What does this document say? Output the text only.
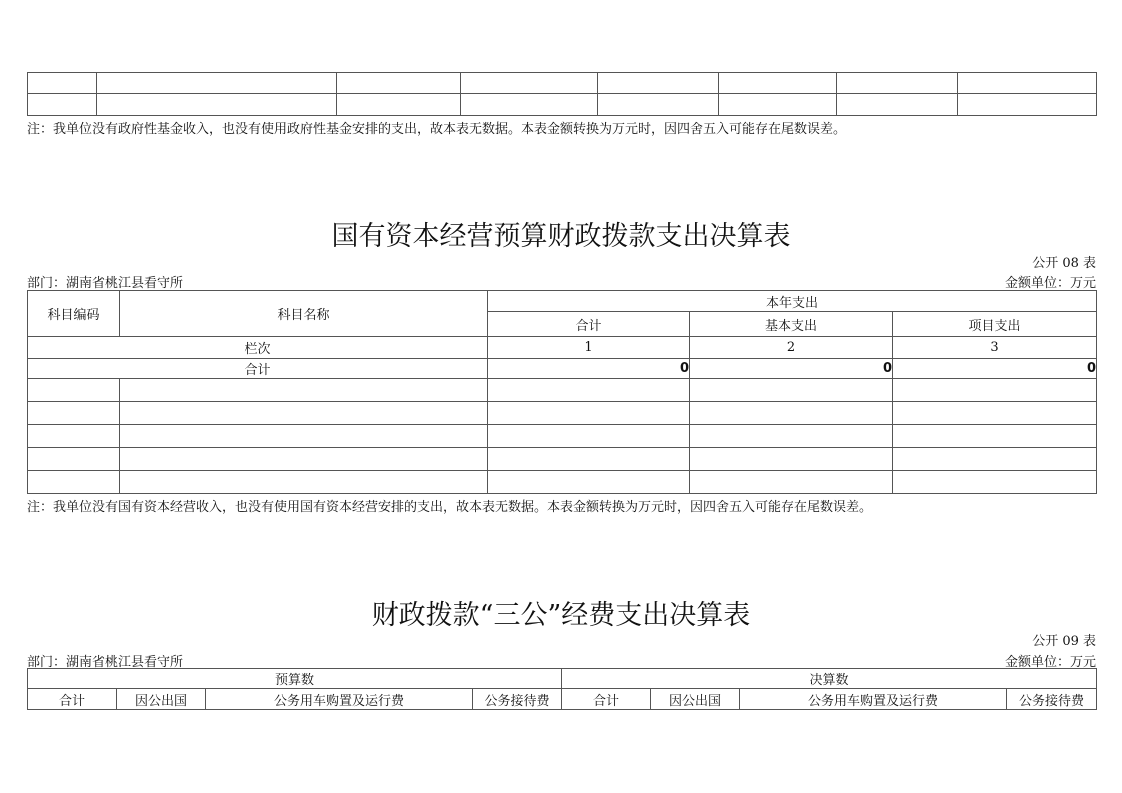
注：我单位没有政府性基金收入，也没有使用政府性基金安排的支出，故本表无数据。本表金额转换为万元时，因四舍五入可能存在尾数误差。
国有资本经营预算财政拨款支出决算表
公开 08 表
部门：湖南省桃江县看守所	金额单位：万元
科目编码	科目名称	本年支出		
		合计	基本支出	项目支出
栏次		1	2	3
合计		0	0	0

注：我单位没有国有资本经营收入，也没有使用国有资本经营安排的支出，故本表无数据。本表金额转换为万元时，因四舍五入可能存在尾数误差。
财政拨款“三公”经费支出决算表
公开 09 表
部门：湖南省桃江县看守所	金额单位：万元
预算数				决算数			
合计	因公出国	公务用车购置及运行费	公务接待费	合计	因公出国	公务用车购置及运行费	公务接待费
